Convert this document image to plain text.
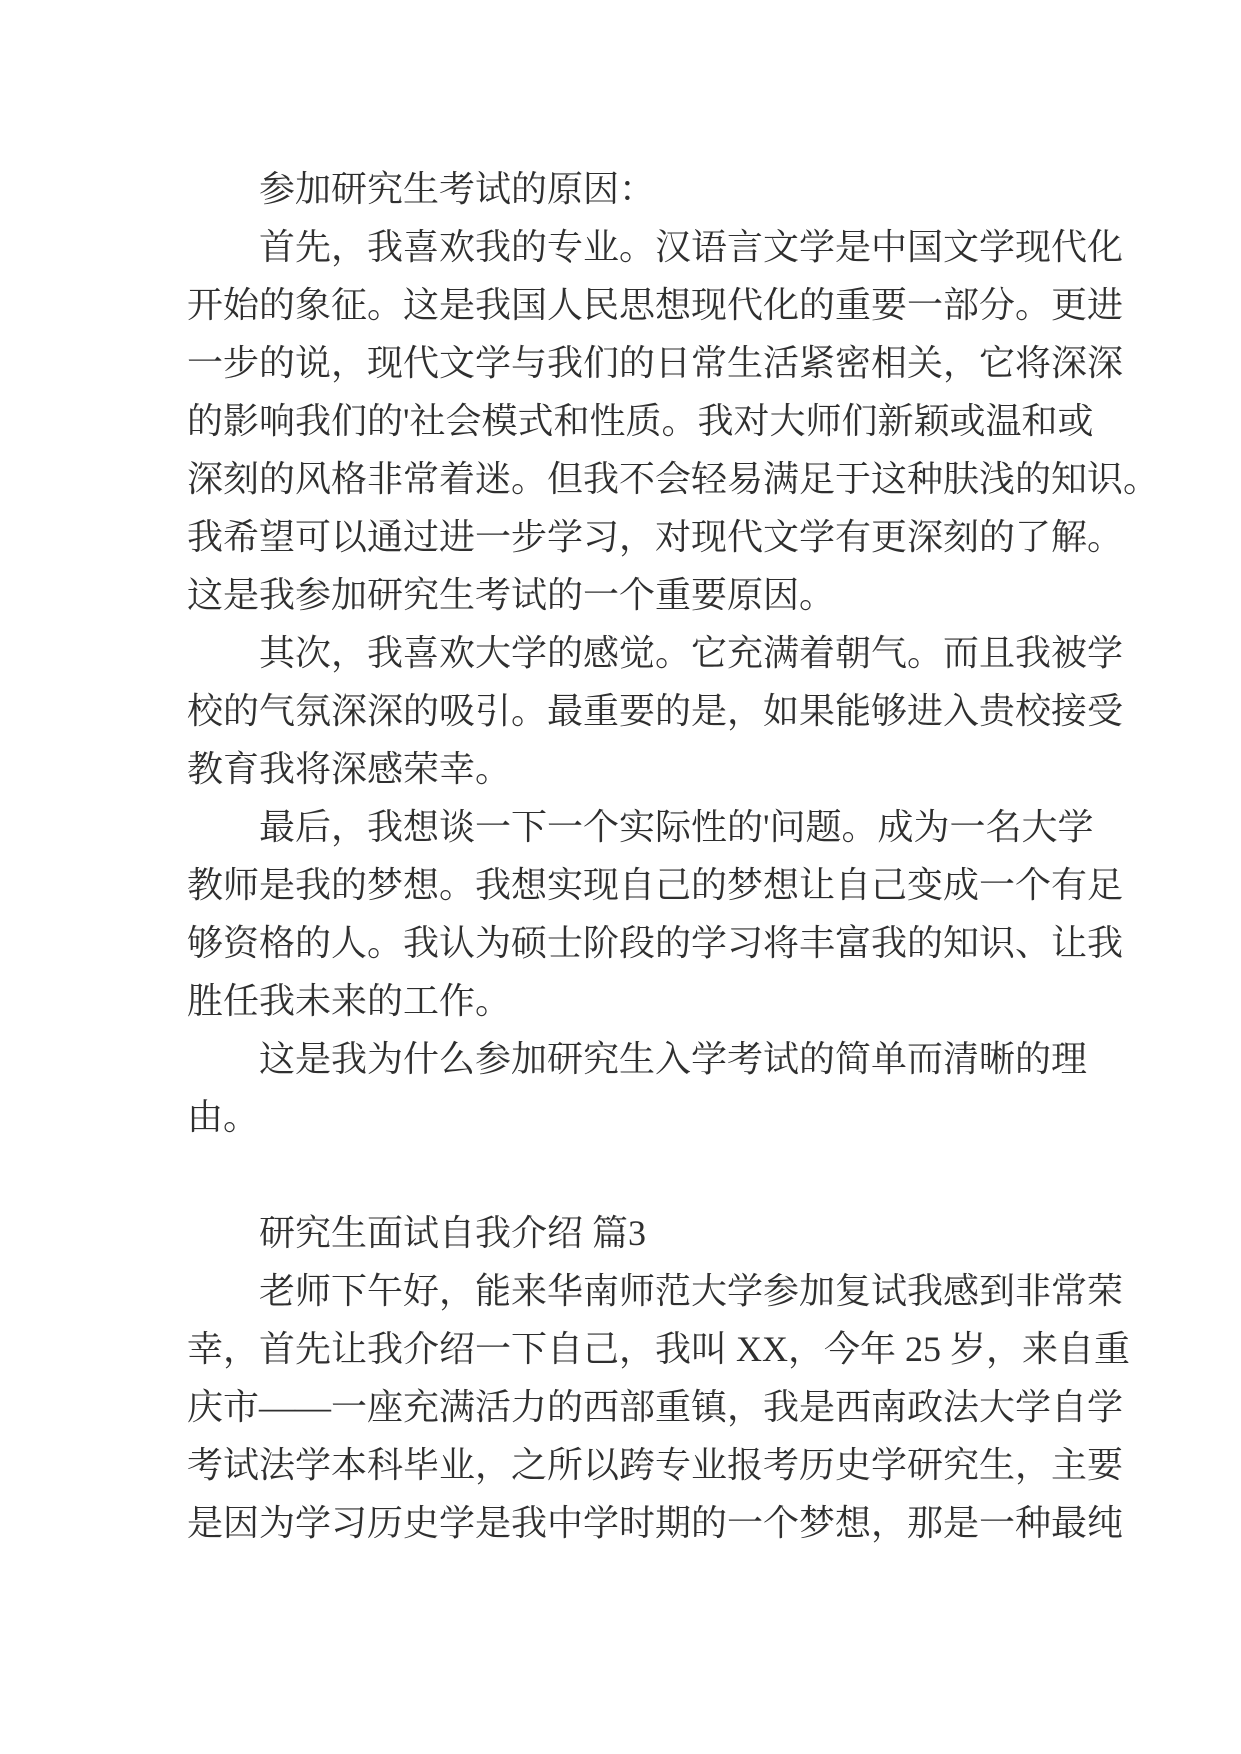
参加研究生考试的原因：
首先，我喜欢我的专业。汉语言文学是中国文学现代化
开始的象征。这是我国人民思想现代化的重要一部分。更进
一步的说，现代文学与我们的日常生活紧密相关，它将深深
的影响我们的'社会模式和性质。我对大师们新颖或温和或
深刻的风格非常着迷。但我不会轻易满足于这种肤浅的知识。
我希望可以通过进一步学习，对现代文学有更深刻的了解。
这是我参加研究生考试的一个重要原因。
其次，我喜欢大学的感觉。它充满着朝气。而且我被学
校的气氛深深的吸引。最重要的是，如果能够进入贵校接受
教育我将深感荣幸。
最后，我想谈一下一个实际性的'问题。成为一名大学
教师是我的梦想。我想实现自己的梦想让自己变成一个有足
够资格的人。我认为硕士阶段的学习将丰富我的知识、让我
胜任我未来的工作。
这是我为什么参加研究生入学考试的简单而清晰的理
由。
研究生面试自我介绍 篇3
老师下午好，能来华南师范大学参加复试我感到非常荣
幸，首先让我介绍一下自己，我叫 XX，今年 25 岁，来自重
庆市——一座充满活力的西部重镇，我是西南政法大学自学
考试法学本科毕业，之所以跨专业报考历史学研究生，主要
是因为学习历史学是我中学时期的一个梦想，那是一种最纯
